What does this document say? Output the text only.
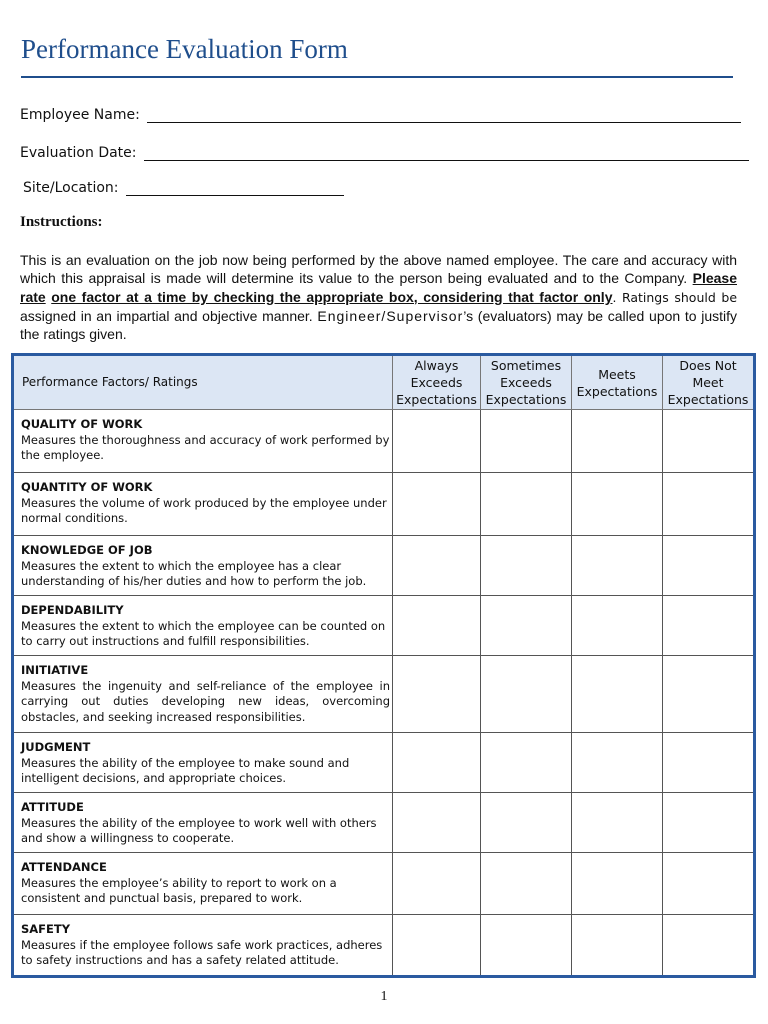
Performance Evaluation Form
Employee Name:
Evaluation Date:
Site/Location:
Instructions:
This is an evaluation on the job now being performed by the above named employee. The care and accuracy with which this appraisal is made will determine its value to the person being evaluated and to the Company. Please rate one factor at a time by checking the appropriate box, considering that factor only. Ratings should be assigned in an impartial and objective manner. Engineer/Supervisor’s (evaluators) may be called upon to justify the ratings given.
Performance Factors/ Ratings	Always Exceeds Expectations	Sometimes Exceeds Expectations	Meets Expectations	Does Not Meet Expectations

QUALITY OF WORK
Measures the thoroughness and accuracy of work performed by the employee.				

QUANTITY OF WORK
Measures the volume of work produced by the employee under normal conditions.				

KNOWLEDGE OF JOB
Measures the extent to which the employee has a clear understanding of his/her duties and how to perform the job.				

DEPENDABILITY
Measures the extent to which the employee can be counted on to carry out instructions and fulfill responsibilities.				

INITIATIVE
Measures the ingenuity and self-reliance of the employee in carrying out duties developing new ideas, overcoming obstacles, and seeking increased responsibilities.				

JUDGMENT
Measures the ability of the employee to make sound and intelligent decisions, and appropriate choices.				

ATTITUDE
Measures the ability of the employee to work well with others and show a willingness to cooperate.				

ATTENDANCE
Measures the employee’s ability to report to work on a consistent and punctual basis, prepared to work.				

SAFETY
Measures if the employee follows safe work practices, adheres to safety instructions and has a safety related attitude.				

1
